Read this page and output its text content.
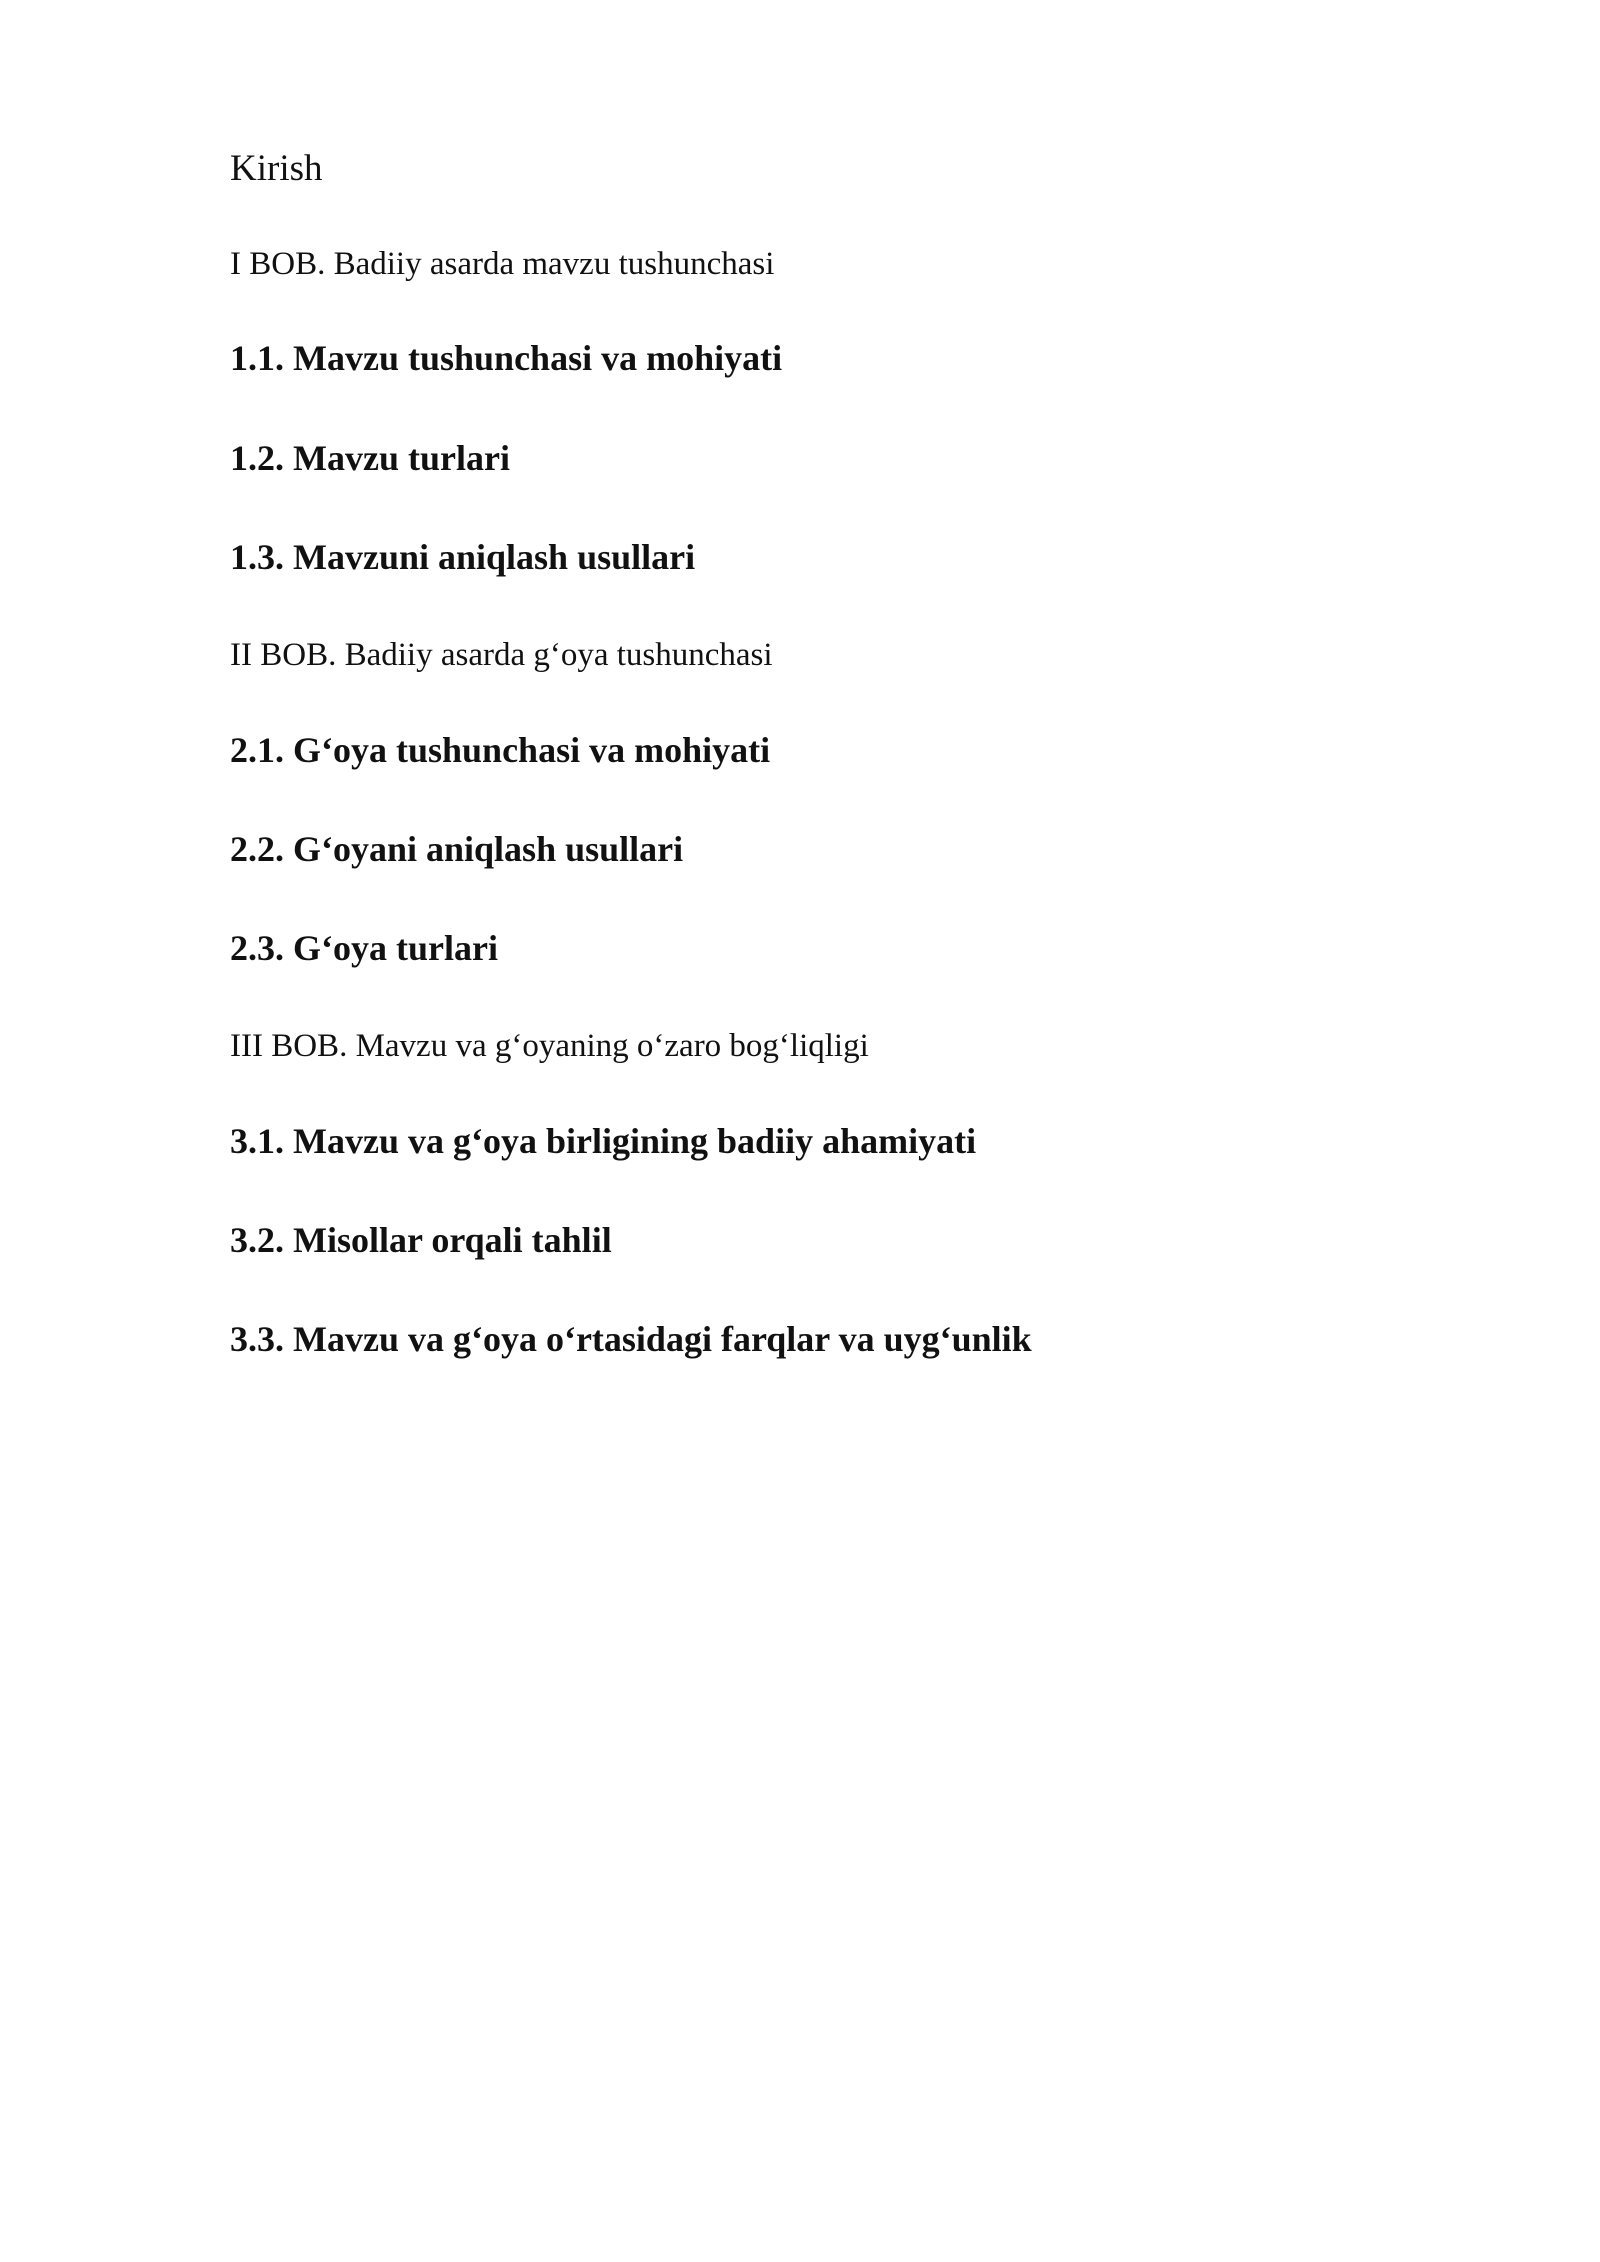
Kirish

I BOB. Badiiy asarda mavzu tushunchasi

1.1. Mavzu tushunchasi va mohiyati

1.2. Mavzu turlari

1.3. Mavzuni aniqlash usullari

II BOB. Badiiy asarda g‘oya tushunchasi

2.1. G‘oya tushunchasi va mohiyati

2.2. G‘oyani aniqlash usullari

2.3. G‘oya turlari

III BOB. Mavzu va g‘oyaning o‘zaro bog‘liqligi

3.1. Mavzu va g‘oya birligining badiiy ahamiyati

3.2. Misollar orqali tahlil

3.3. Mavzu va g‘oya o‘rtasidagi farqlar va uyg‘unlik
